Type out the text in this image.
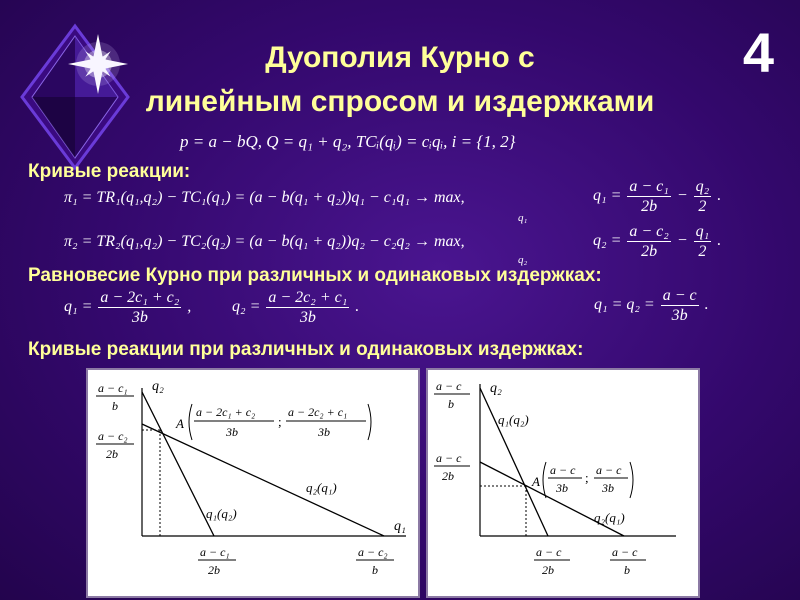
Дуополия Курно с
линейным спросом и издержками
4
p = a − bQ, Q = q₁ + q₂, TCᵢ(qᵢ) = cᵢqᵢ, i = {1, 2}
Кривые реакции:
π₁ = TR₁(q₁,q₂) − TC₁(q₁) = (a − b(q₁ + q₂))q₁ − c₁q₁ → max,
q₁
$q_1 = \frac{\text{a − c₁}}{2b} - \frac{\text{q₂}}{2}$ .
π₂ = TR₂(q₁,q₂) − TC₂(q₂) = (a − b(q₁ + q₂))q₂ − c₂q₂ → max,
q₂
$q_2 = \frac{\text{a − c₂}}{2b} - \frac{\text{q₁}}{2}$ .
Равновесие Курно при различных и одинаковых издержках:
$q_1 = \frac{\text{a − 2c₁ + c₂}}{3b}$ ,	$q_2 = \frac{\text{a − 2c₂ + c₁}}{3b}$ .	$q_1 = q_2 = \frac{a - c}{3b}$ .
Кривые реакции при различных и одинаковых издержках:
q₂
q₁
a − c₁
b
a − c₂
2b
a − c₁
2b
a − c₂
b
A
a − 2c₁ + c₂
3b
;
a − 2c₂ + c₁
3b
q₂(q₁)
q₁(q₂)
q₂
a − c
b
a − c
2b
a − c
2b
a − c
b
A
a − c
3b
; a − c
3b
q₁(q₂)
q₂(q₁)
